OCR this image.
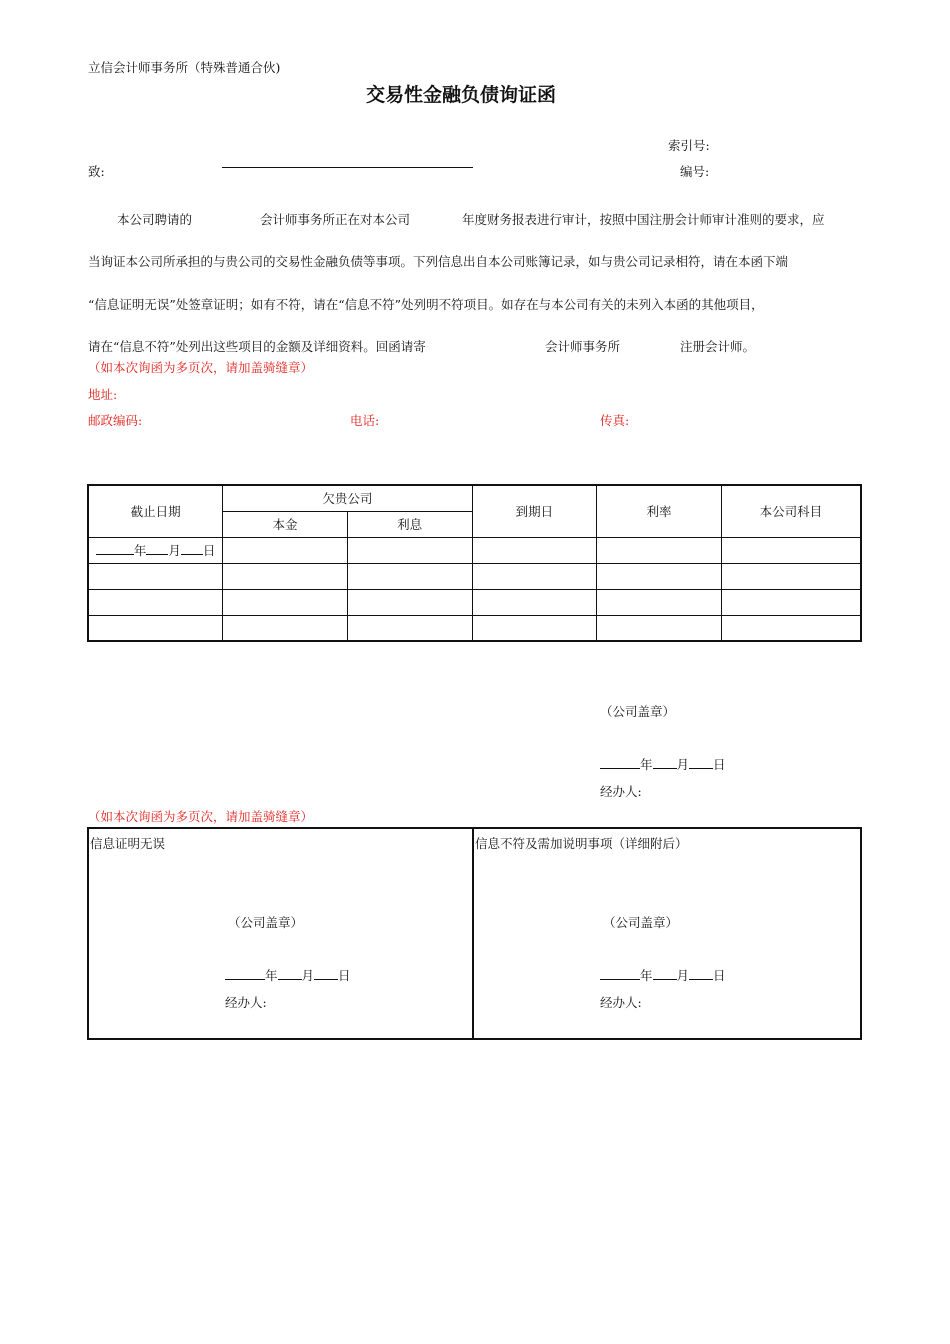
立信会计师事务所（特殊普通合伙)
交易性金融负债询证函
索引号:
致:	编号:
本公司聘请的	会计师事务所正在对本公司	年度财务报表进行审计，按照中国注册会计师审计准则的要求，应
当询证本公司所承担的与贵公司的交易性金融负债等事项。下列信息出自本公司账簿记录，如与贵公司记录相符，请在本函下端
“信息证明无误”处签章证明；如有不符，请在“信息不符”处列明不符项目。如存在与本公司有关的未列入本函的其他项目，
请在“信息不符”处列出这些项目的金额及详细资料。回函请寄	会计师事务所	注册会计师。
（如本次询函为多页次，请加盖骑缝章）
地址:
邮政编码:	电话:	传真:
截止日期	欠贵公司		到期日	利率	本公司科目
	本金	利息			
年 月 日					

（公司盖章）
年 月 日
经办人:
（如本次询函为多页次，请加盖骑缝章）
信息证明无误
（公司盖章）
年 月 日
经办人:
信息不符及需加说明事项（详细附后）
（公司盖章）
年 月 日
经办人:
